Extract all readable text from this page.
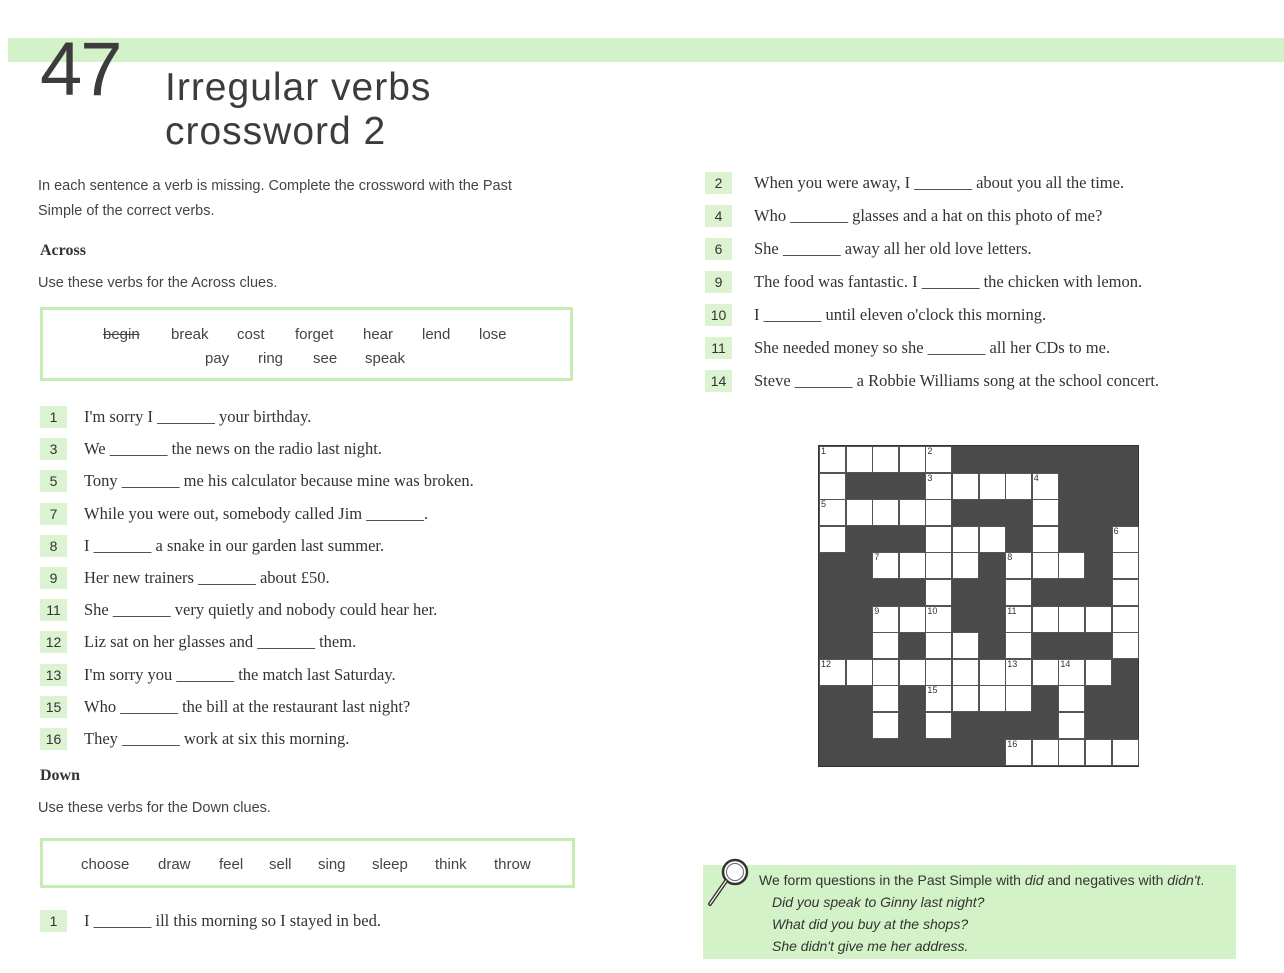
47 Irregular verbs
crossword 2
In each sentence a verb is missing. Complete the crossword with the Past
Simple of the correct verbs.
Across
Use these verbs for the Across clues.
begin break cost forget hear lend lose
pay ring see speak
1	I'm sorry I _______ your birthday.
3	We _______ the news on the radio last night.
5	Tony _______ me his calculator because mine was broken.
7	While you were out, somebody called Jim _______.
8	I _______ a snake in our garden last summer.
9	Her new trainers _______ about £50.
11	She _______ very quietly and nobody could hear her.
12	Liz sat on her glasses and _______ them.
13	I'm sorry you _______ the match last Saturday.
15	Who _______ the bill at the restaurant last night?
16	They _______ work at six this morning.
Down
Use these verbs for the Down clues.
choose draw feel sell sing sleep think throw
1	I _______ ill this morning so I stayed in bed.
2	When you were away, I _______ about you all the time.
4	Who _______ glasses and a hat on this photo of me?
6	She _______ away all her old love letters.
9	The food was fantastic. I _______ the chicken with lemon.
10	I _______ until eleven o'clock this morning.
11	She needed money so she _______ all her CDs to me.
14	Steve _______ a Robbie Williams song at the school concert.
1	2
3	4
5
6
7	8
9	10	11
12	13	14
15
16
We form questions in the Past Simple with did and negatives with didn't.
Did you speak to Ginny last night?
What did you buy at the shops?
She didn't give me her address.
